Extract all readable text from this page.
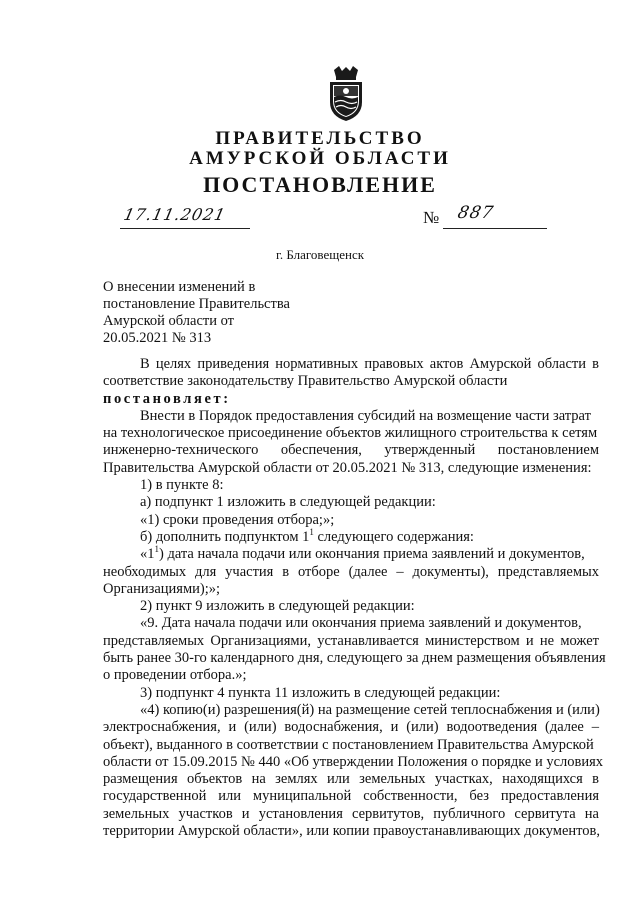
ПРАВИТЕЛЬСТВО
АМУРСКОЙ ОБЛАСТИ
ПОСТАНОВЛЕНИЕ
17.11.2021	№ 887
г. Благовещенск
О внесении изменений в
постановление Правительства
Амурской области от
20.05.2021 № 313
В целях приведения нормативных правовых актов Амурской области в
соответствие законодательству Правительство Амурской области
постановляет:
Внести в Порядок предоставления субсидий на возмещение части затрат
на технологическое присоединение объектов жилищного строительства к сетям
инженерно-технического обеспечения, утвержденный постановлением
Правительства Амурской области от 20.05.2021 № 313, следующие изменения:
1) в пункте 8:
а) подпункт 1 изложить в следующей редакции:
«1) сроки проведения отбора;»;
б) дополнить подпунктом $1^1$ следующего содержания:
«$1^1$) дата начала подачи или окончания приема заявлений и документов,
необходимых для участия в отборе (далее – документы), представляемых
Организациями);»;
2) пункт 9 изложить в следующей редакции:
«9. Дата начала подачи или окончания приема заявлений и документов,
представляемых Организациями, устанавливается министерством и не может
быть ранее 30-го календарного дня, следующего за днем размещения объявления
о проведении отбора.»;
3) подпункт 4 пункта 11 изложить в следующей редакции:
«4) копию(и) разрешения(й) на размещение сетей теплоснабжения и (или)
электроснабжения, и (или) водоснабжения, и (или) водоотведения (далее –
объект), выданного в соответствии с постановлением Правительства Амурской
области от 15.09.2015 № 440 «Об утверждении Положения о порядке и условиях
размещения объектов на землях или земельных участках, находящихся в
государственной или муниципальной собственности, без предоставления
земельных участков и установления сервитутов, публичного сервитута на
территории Амурской области», или копии правоустанавливающих документов,
